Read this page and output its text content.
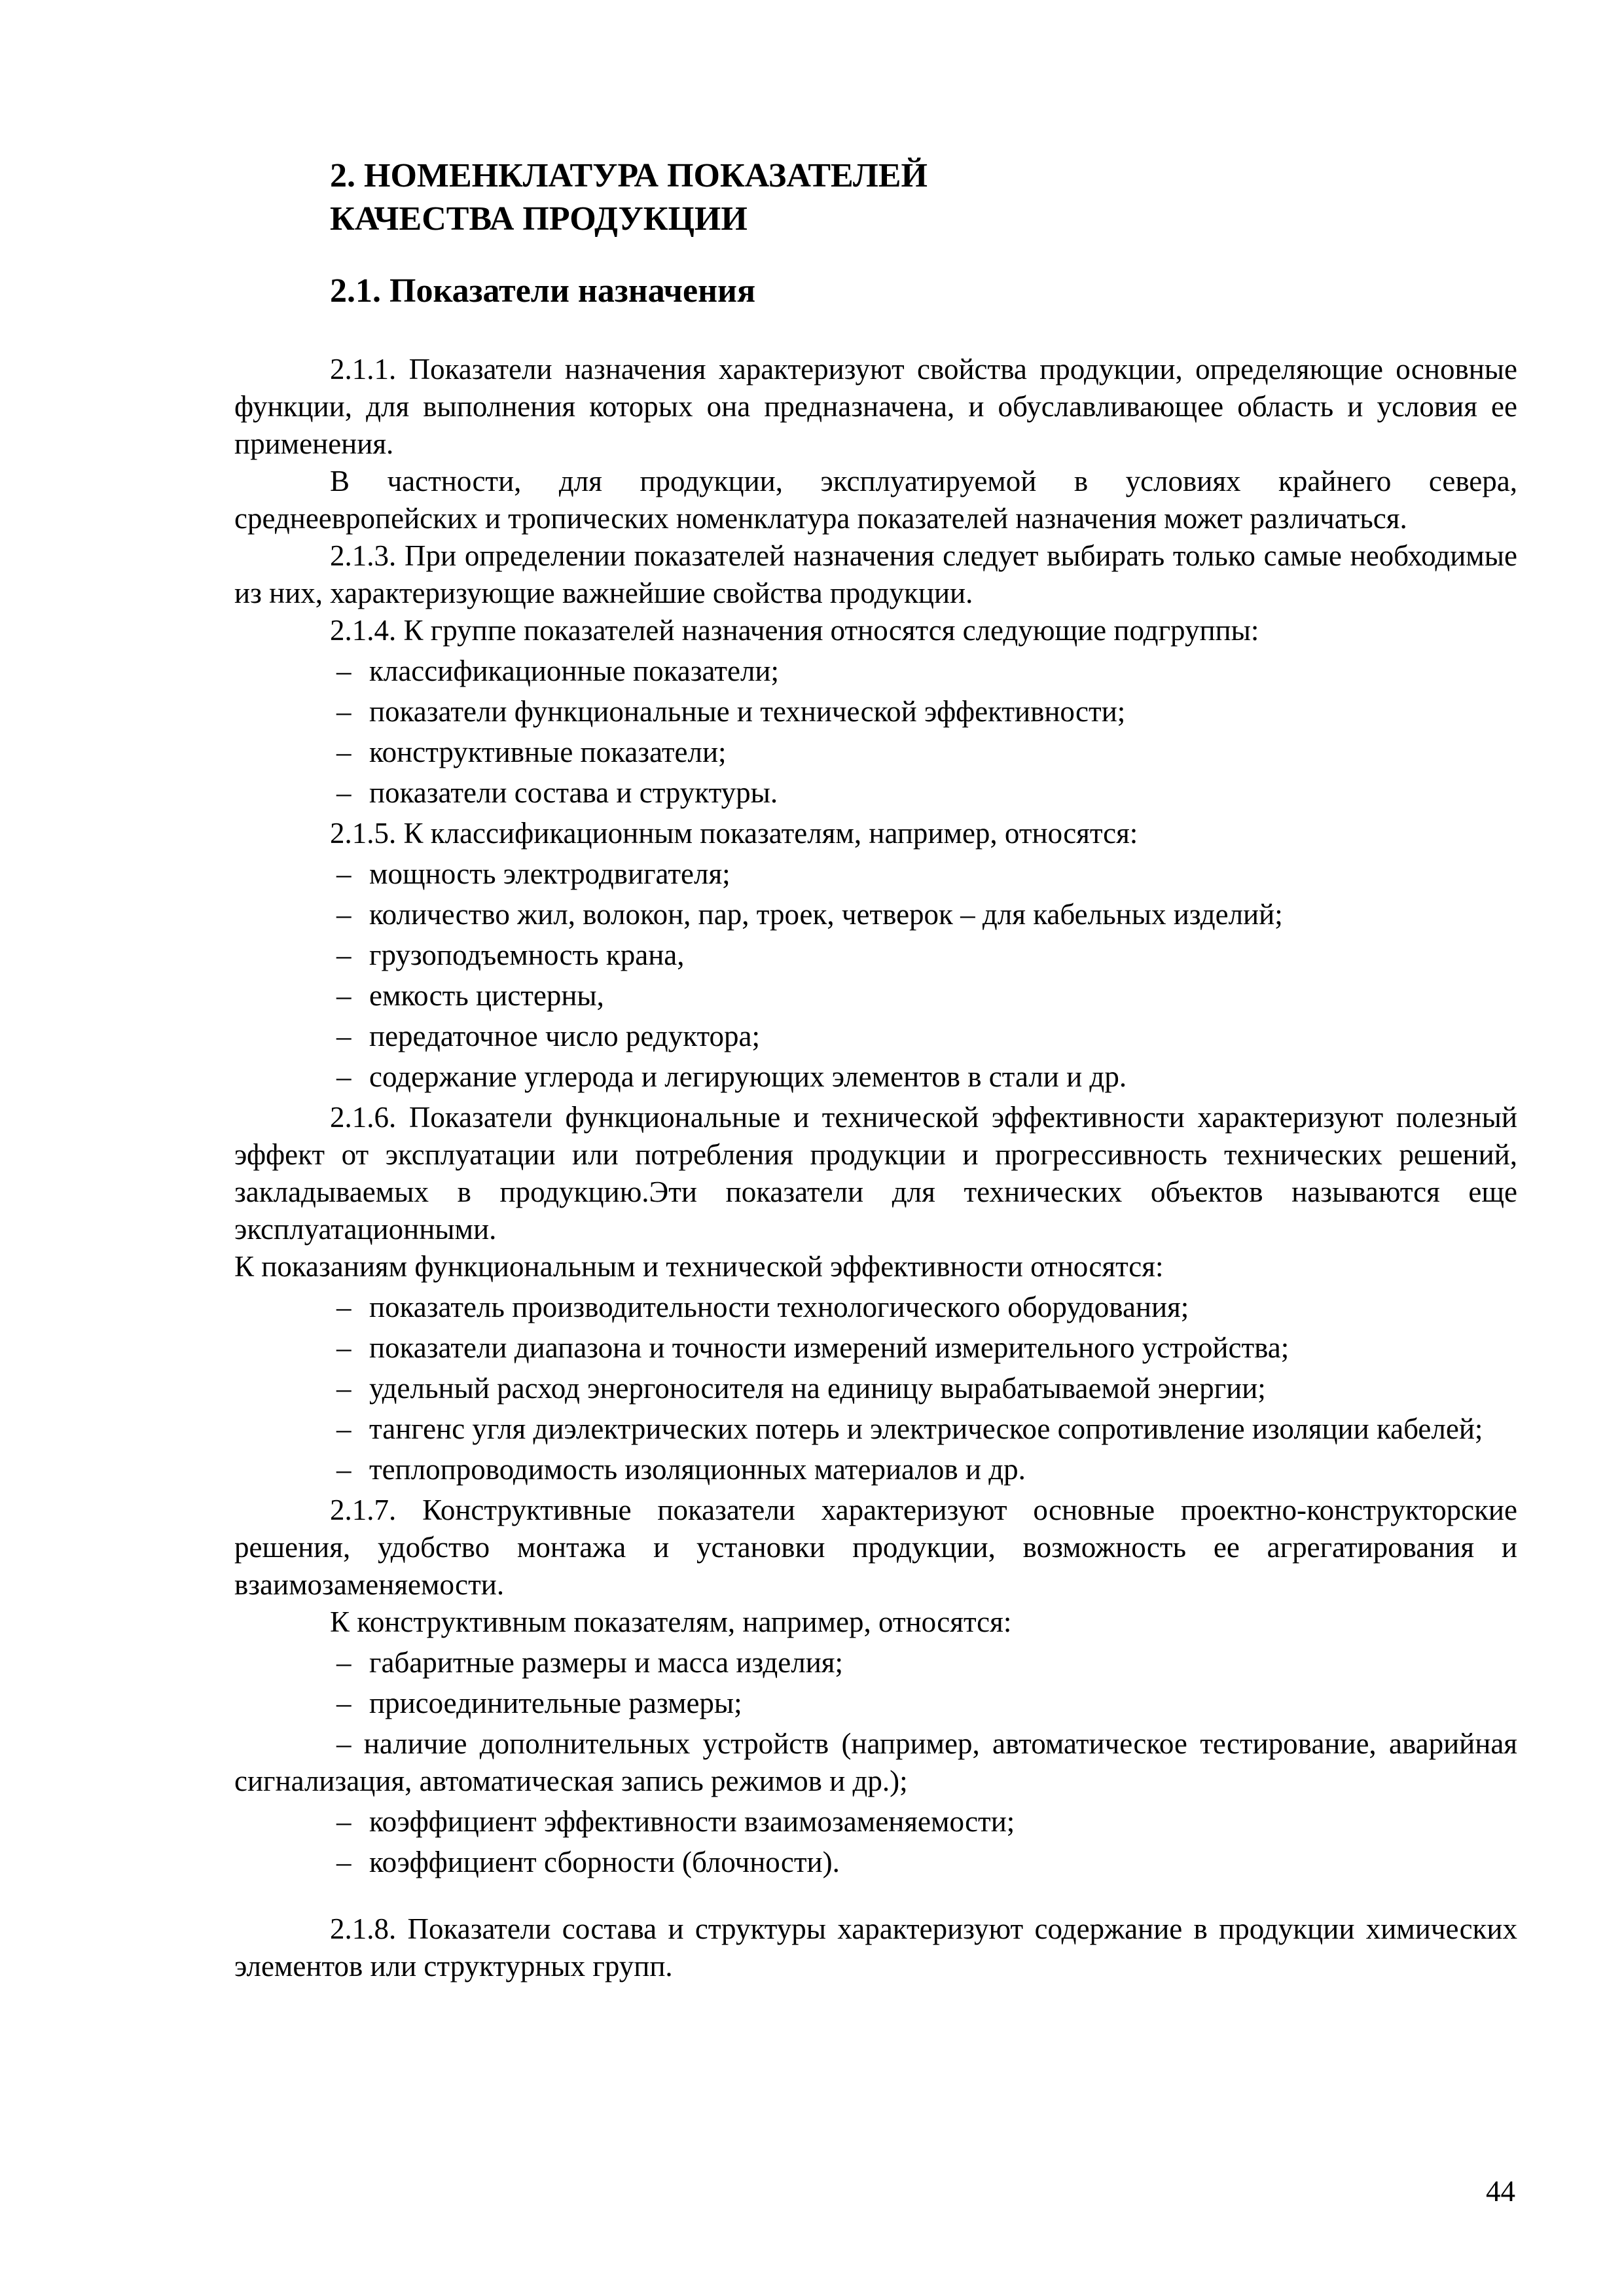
2. НОМЕНКЛАТУРА ПОКАЗАТЕЛЕЙ
КАЧЕСТВА ПРОДУКЦИИ
2.1. Показатели назначения

2.1.1. Показатели назначения характеризуют свойства продукции, определяющие основные функции, для выполнения которых она предназначена, и обуславливающее область и условия ее применения.

В частности, для продукции, эксплуатируемой в условиях крайнего севера, среднеевропейских и тропических номенклатура показателей назначения может различаться.

2.1.3. При определении показателей назначения следует выбирать только самые необходимые из них, характеризующие важнейшие свойства продукции.

2.1.4. К группе показателей назначения относятся следующие подгруппы:

– классификационные показатели;
– показатели функциональные и технической эффективности;
– конструктивные показатели;
– показатели состава и структуры.

2.1.5. К классификационным показателям, например, относятся:

– мощность электродвигателя;
– количество жил, волокон, пар, троек, четверок – для кабельных изделий;
– грузоподъемность крана,
– емкость цистерны,
– передаточное число редуктора;
– содержание углерода и легирующих элементов в стали и др.

2.1.6. Показатели функциональные и технической эффективности характеризуют полезный эффект от эксплуатации или потребления продукции и прогрессивность технических решений, закладываемых в продукцию.Эти показатели для технических объектов называются еще эксплуатационными.

К показаниям функциональным и технической эффективности относятся:

– показатель производительности технологического оборудования;
– показатели диапазона и точности измерений измерительного устройства;
– удельный расход энергоносителя на единицу вырабатываемой энергии;
– тангенс угля диэлектрических потерь и электрическое сопротивление изоляции кабелей;
– теплопроводимость изоляционных материалов и др.

2.1.7. Конструктивные показатели характеризуют основные проектно-конструкторские решения, удобство монтажа и установки продукции, возможность ее агрегатирования и взаимозаменяемости.

К конструктивным показателям, например, относятся:

– габаритные размеры и масса изделия;
– присоединительные размеры;

– наличие дополнительных устройств (например, автоматическое тестирование, аварийная сигнализация, автоматическая запись режимов и др.);

– коэффициент эффективности взаимозаменяемости;
– коэффициент сборности (блочности).

2.1.8. Показатели состава и структуры характеризуют содержание в продукции химических элементов или структурных групп.

44
